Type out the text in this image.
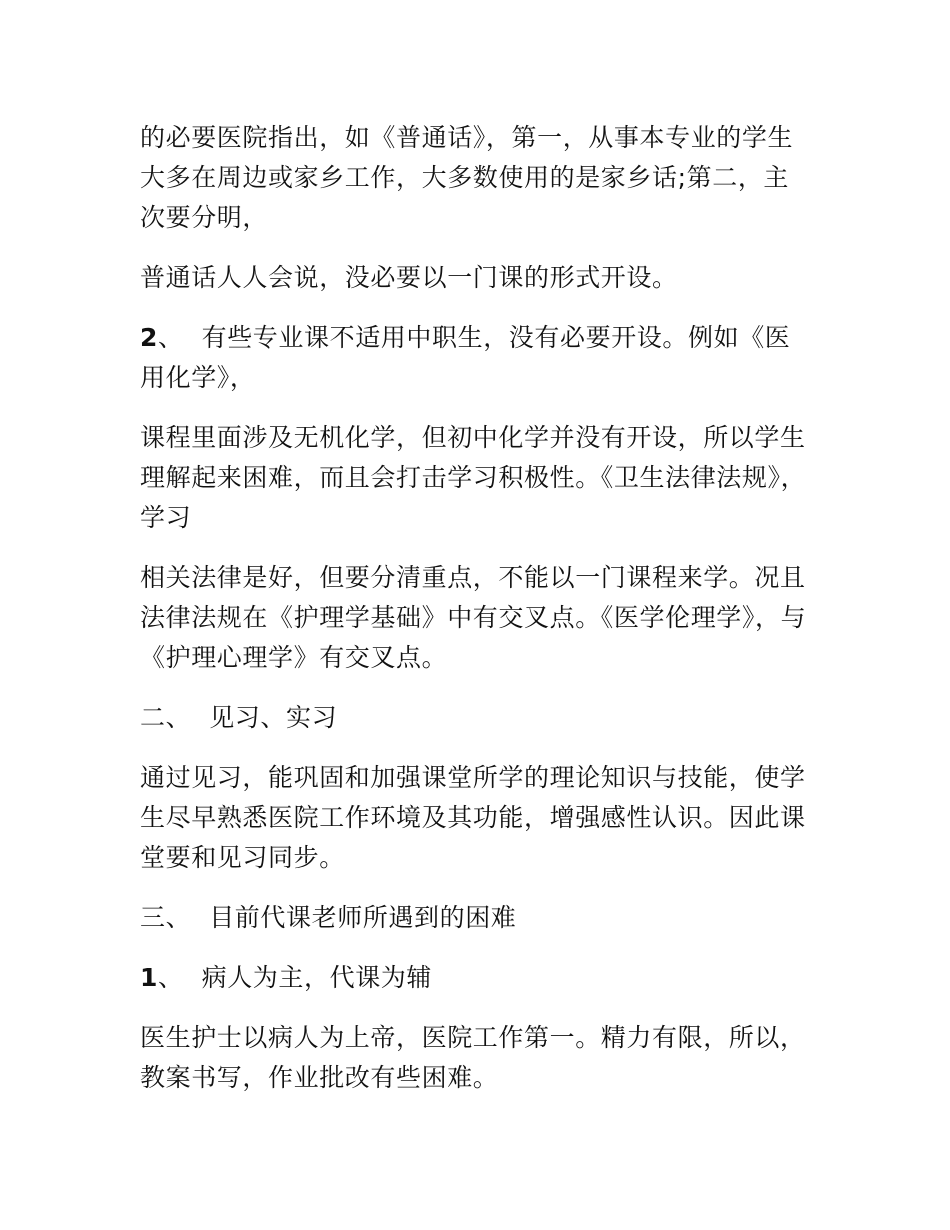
的必要医院指出，如《普通话》，第一，从事本专业的学生大多在周边或家乡工作，大多数使用的是家乡话;第二，主次要分明，

普通话人人会说，没必要以一门课的形式开设。

2、 有些专业课不适用中职生，没有必要开设。例如《医用化学》，

课程里面涉及无机化学，但初中化学并没有开设，所以学生理解起来困难，而且会打击学习积极性。《卫生法律法规》，学习

相关法律是好，但要分清重点，不能以一门课程来学。况且法律法规在《护理学基础》中有交叉点。《医学伦理学》，与《护理心理学》有交叉点。

二、 见习、实习

通过见习，能巩固和加强课堂所学的理论知识与技能，使学生尽早熟悉医院工作环境及其功能，增强感性认识。因此课堂要和见习同步。

三、 目前代课老师所遇到的困难

1、 病人为主，代课为辅

医生护士以病人为上帝，医院工作第一。精力有限，所以，教案书写，作业批改有些困难。
